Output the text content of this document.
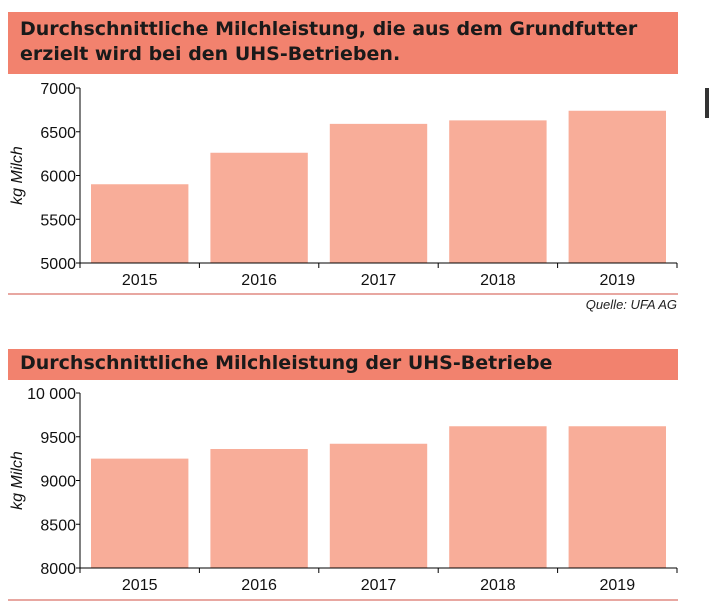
Durchschnittliche Milchleistung, die aus dem Grundfutter erzielt wird bei den UHS-Betrieben.
5000
5500
6000
6500
7000
2015	2016	2017	2018	2019
kg Milch
Quelle: UFA AG
Durchschnittliche Milchleistung der UHS-Betriebe
8000
8500
9000
9500
10 000
2015	2016	2017	2018	2019
kg Milch
